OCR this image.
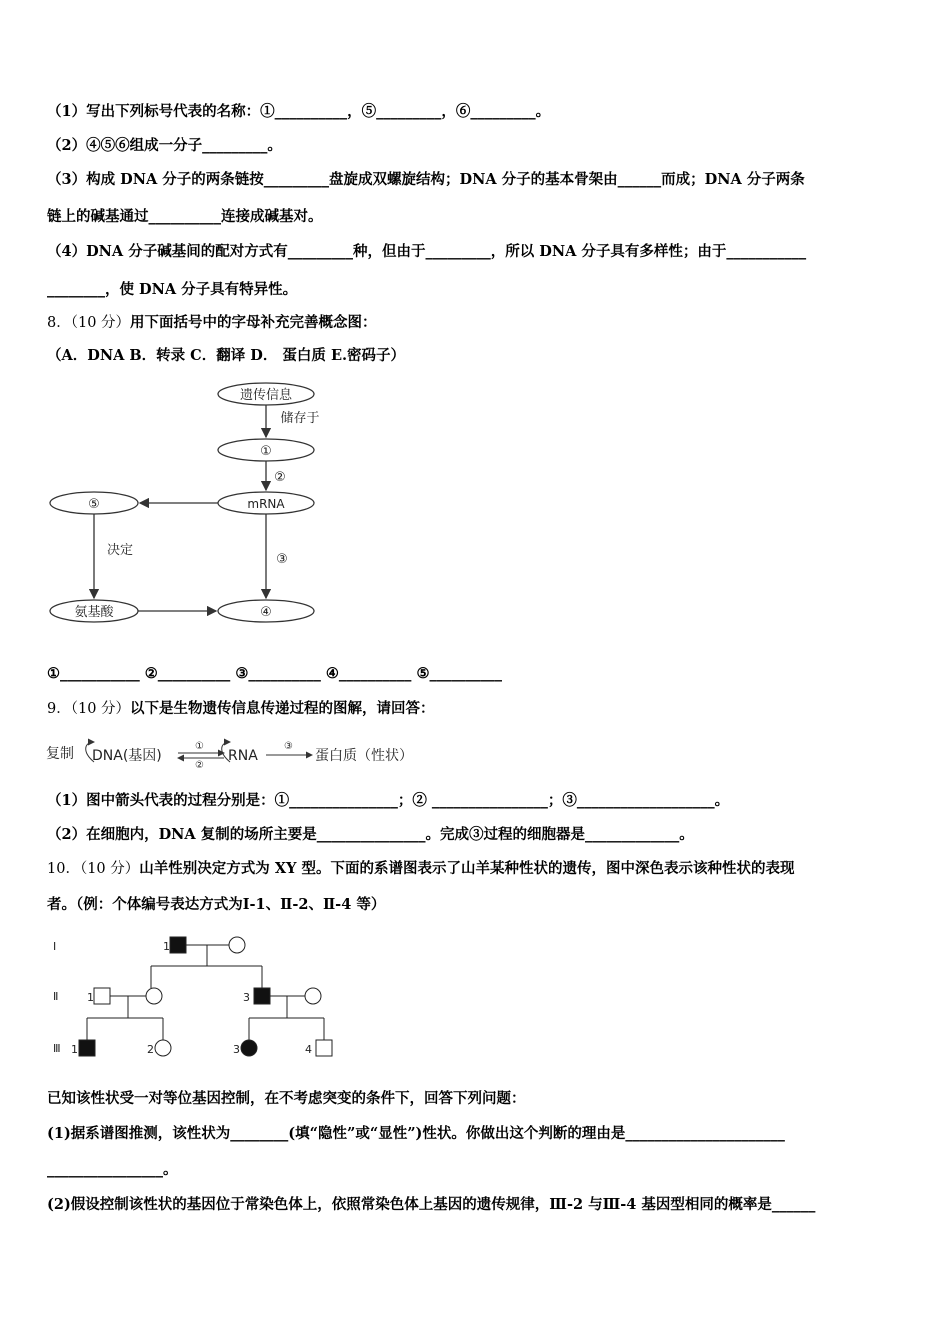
（1）写出下列标号代表的名称：①__________，⑤_________，⑥_________。
（2）④⑤⑥组成一分子_________。
（3）构成 DNA 分子的两条链按_________盘旋成双螺旋结构；DNA 分子的基本骨架由______而成；DNA 分子两条
链上的碱基通过__________连接成碱基对。
（4）DNA 分子碱基间的配对方式有_________种，但由于_________，所以 DNA 分子具有多样性；由于___________
________，使 DNA 分子具有特异性。
8．（10 分）用下面括号中的字母补充完善概念图：
（A．DNA B．转录 C．翻译 D． 蛋白质 E.密码子）
遗传信息
储存于
①
②
mRNA
⑤
决定
③
氨基酸	④
①___________ ②__________ ③__________ ④__________ ⑤__________
9．（10 分）以下是生物遗传信息传递过程的图解，请回答：
复制 DNA(基因)
①
②
RNA
③
蛋白质（性状）
（1）图中箭头代表的过程分别是：①_______________；② ________________；③___________________。
（2）在细胞内，DNA 复制的场所主要是_______________。完成③过程的细胞器是_____________。
10．（10 分）山羊性别决定方式为 XY 型。下面的系谱图表示了山羊某种性状的遗传，图中深色表示该种性状的表现
者。（例：个体编号表达方式为Ⅰ-1、Ⅱ-2、Ⅱ-4 等）
Ⅰ
Ⅱ
Ⅲ
1
1	3
1	2	3	4
已知该性状受一对等位基因控制，在不考虑突变的条件下，回答下列问题：
(1)据系谱图推测，该性状为________(填“隐性”或“显性”)性状。你做出这个判断的理由是______________________
________________。
(2)假设控制该性状的基因位于常染色体上，依照常染色体上基因的遗传规律，Ⅲ-2 与Ⅲ-4 基因型相同的概率是______
